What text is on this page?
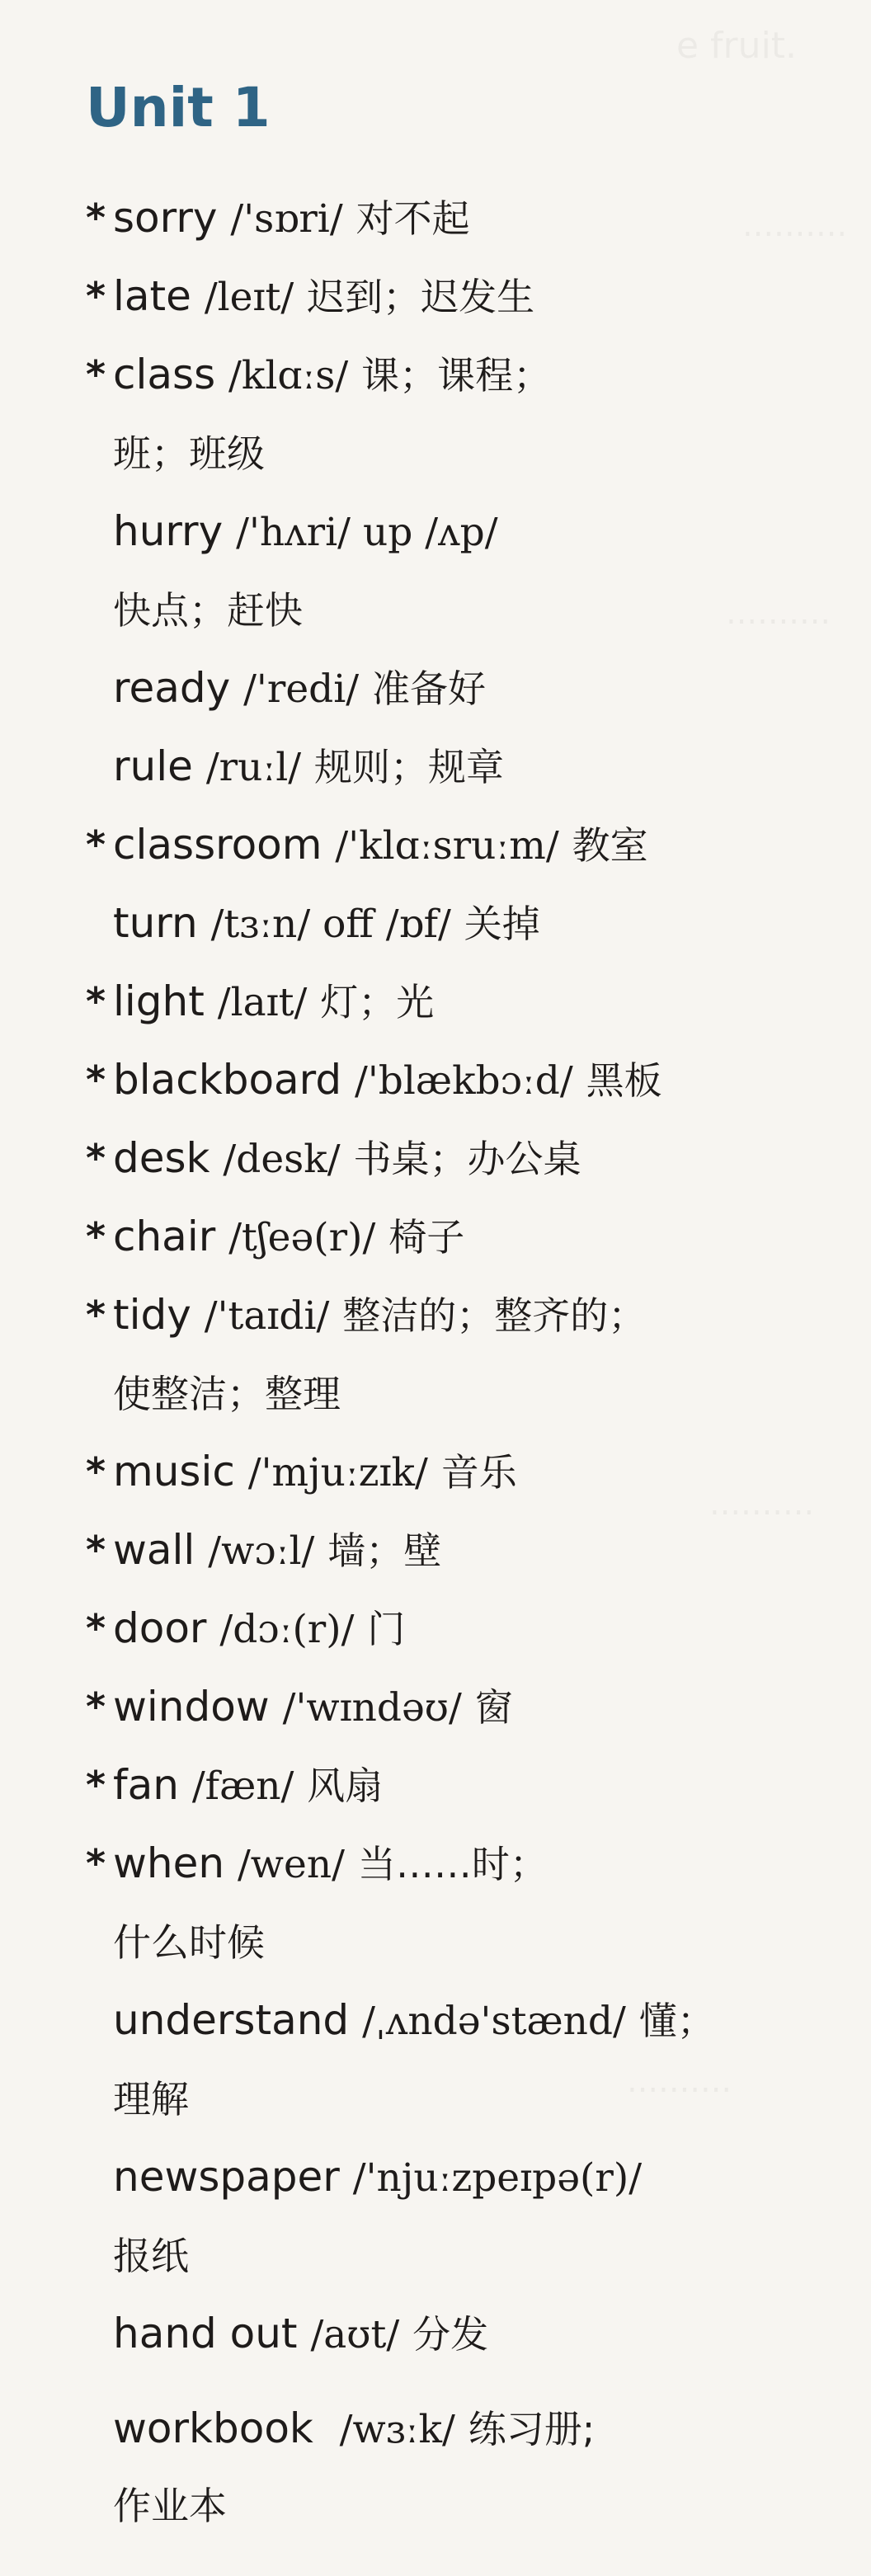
Unit 1
* sorry /'sɒri/ 对不起
* late /leɪt/ 迟到；迟发生
* class /klɑːs/ 课；课程；
班；班级
hurry /'hʌri/ up /ʌp/
快点；赶快
ready /'redi/ 准备好
rule /ruːl/ 规则；规章
* classroom /'klɑːsruːm/ 教室
turn /tɜːn/ off /ɒf/ 关掉
* light /laɪt/ 灯；光
* blackboard /'blækbɔːd/ 黑板
* desk /desk/ 书桌；办公桌
* chair /tʃeə(r)/ 椅子
* tidy /'taɪdi/ 整洁的；整齐的；
使整洁；整理
* music /'mjuːzɪk/ 音乐
* wall /wɔːl/ 墙；壁
* door /dɔː(r)/ 门
* window /'wɪndəʊ/ 窗
* fan /fæn/ 风扇
* when /wen/ 当……时；
什么时候
understand /ˌʌndə'stænd/ 懂；
理解
newspaper /'njuːzpeɪpə(r)/
报纸
hand out /aʊt/ 分发
workbook /wɜːk/ 练习册;
作业本
